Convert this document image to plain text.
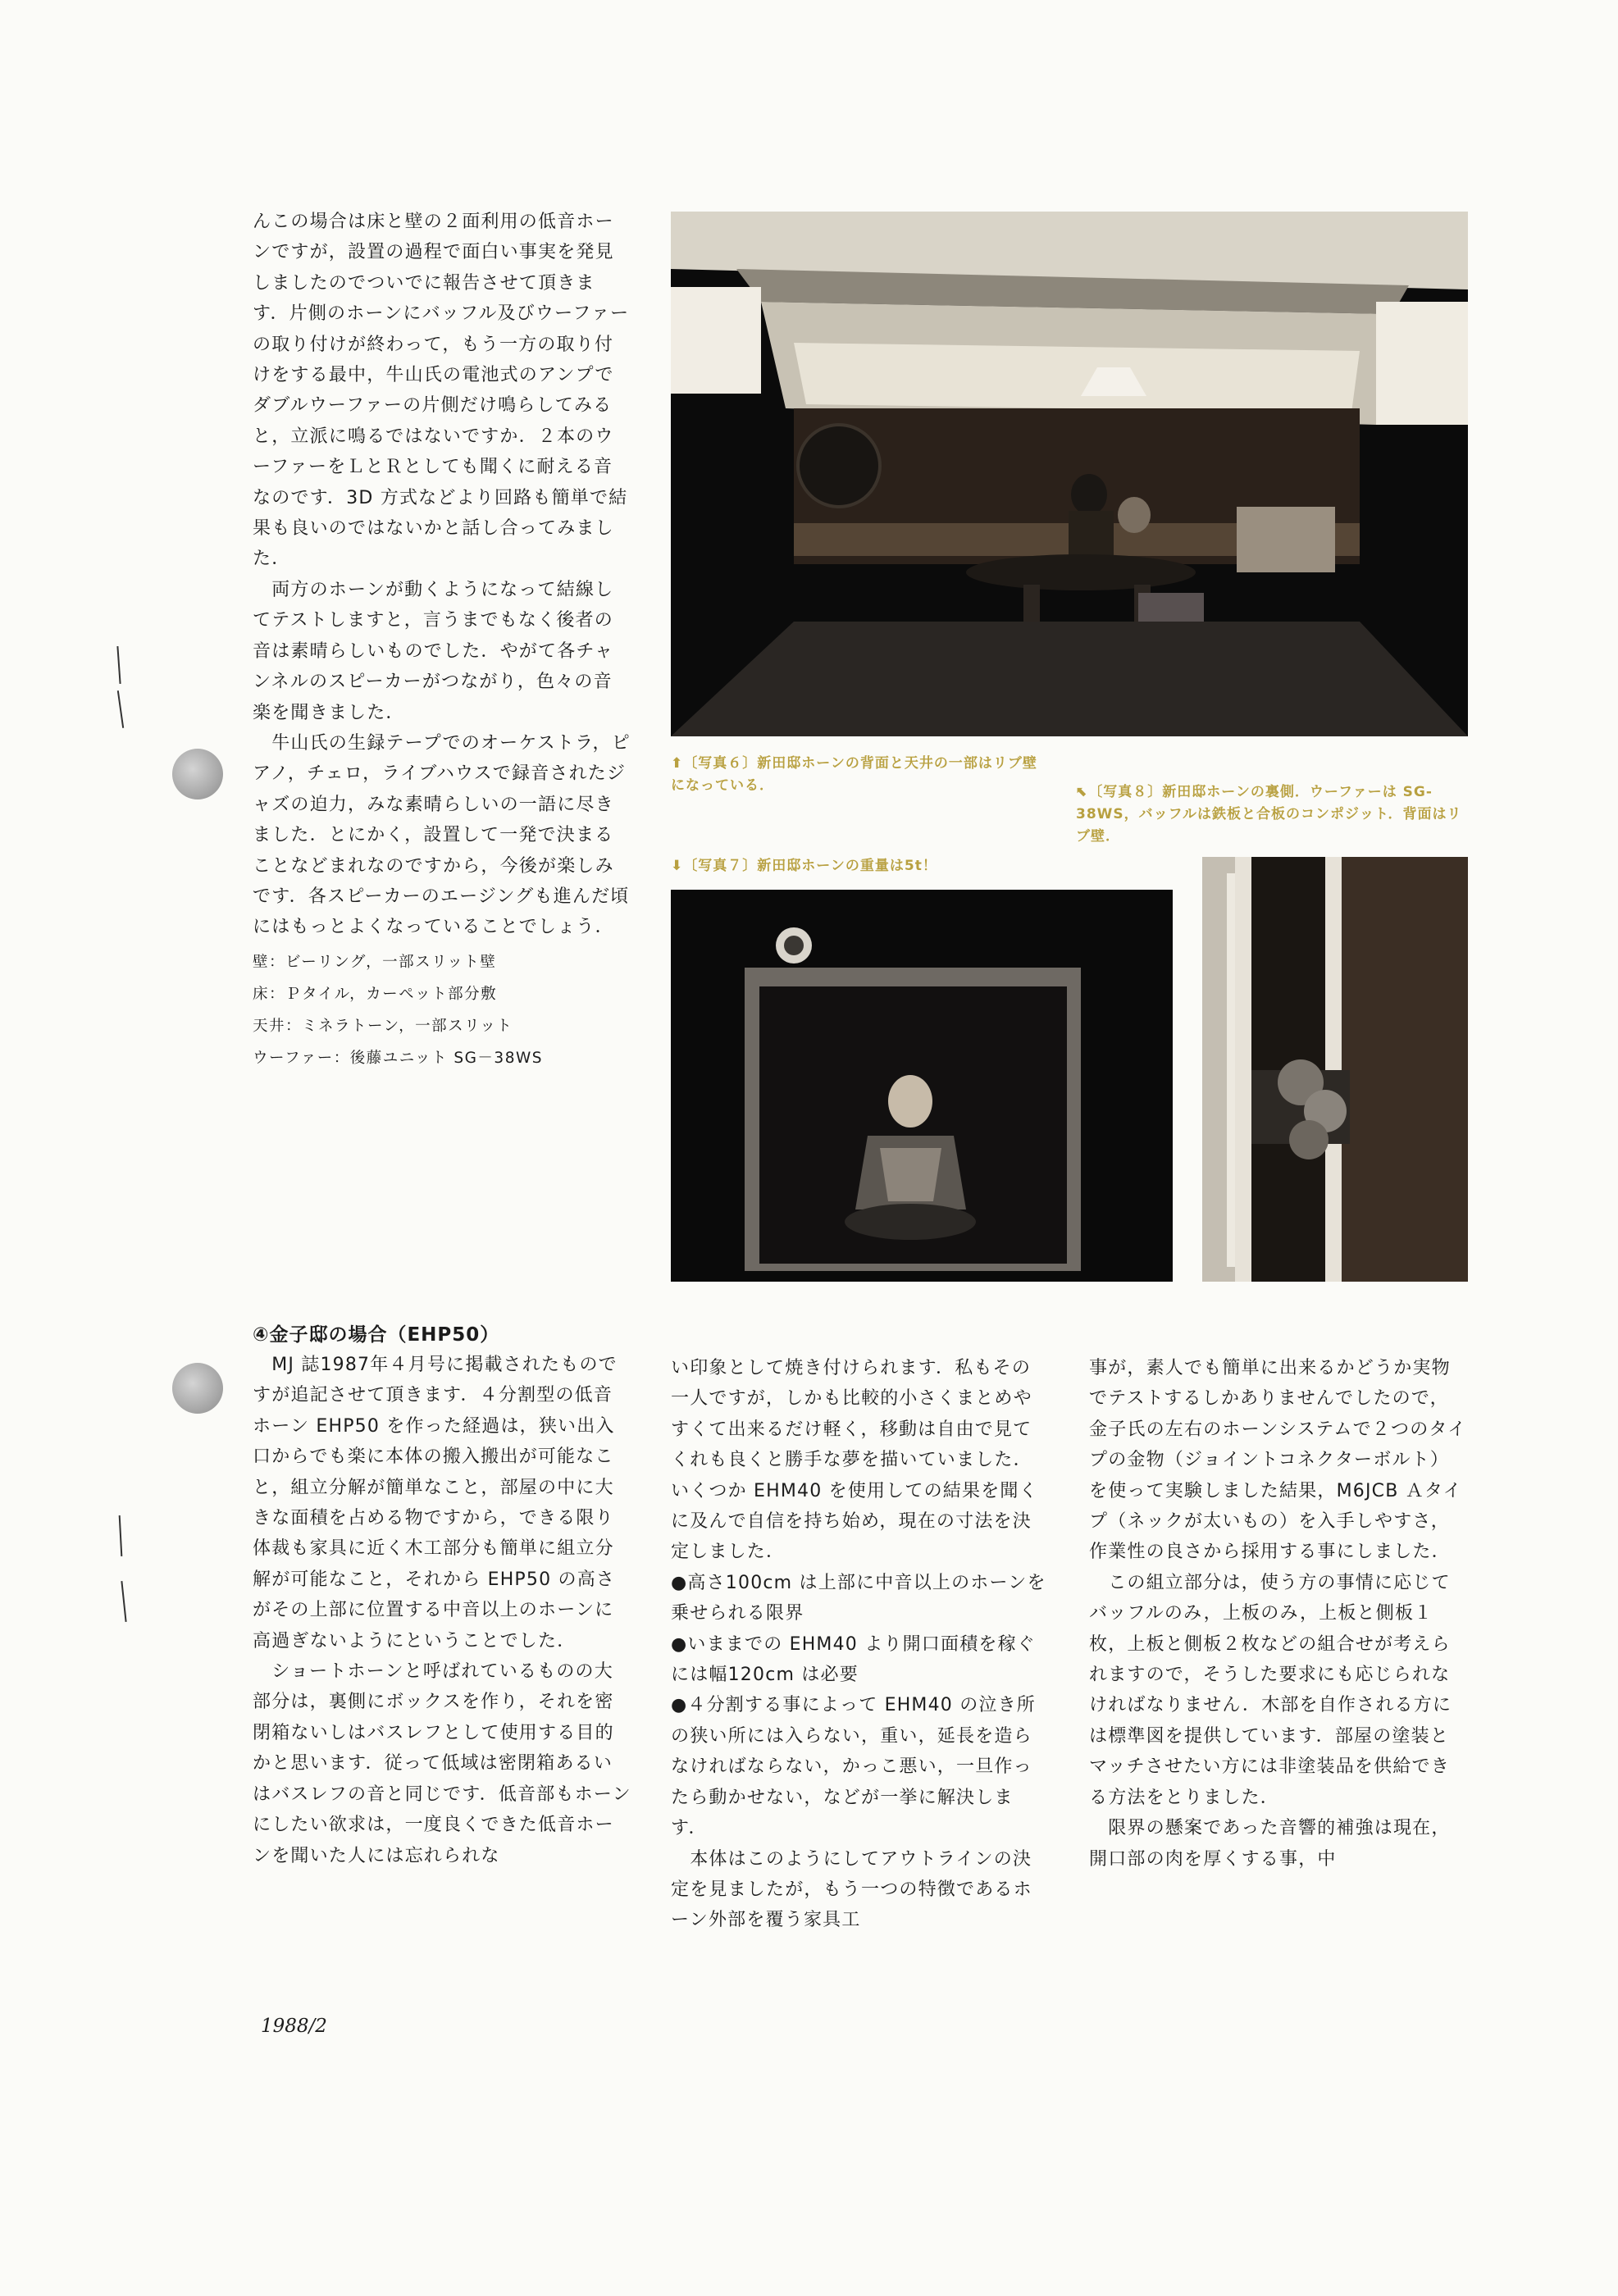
んこの場合は床と壁の２面利用の低音ホーンですが，設置の過程で面白い事実を発見しましたのでついでに報告させて頂きます．片側のホーンにバッフル及びウーファーの取り付けが終わって，もう一方の取り付けをする最中，牛山氏の電池式のアンプでダブルウーファーの片側だけ鳴らしてみると，立派に鳴るではないですか．２本のウーファーをＬとＲとしても聞くに耐える音なのです．3D 方式などより回路も簡単で結果も良いのではないかと話し合ってみました．

　両方のホーンが動くようになって結線してテストしますと，言うまでもなく後者の音は素晴らしいものでした．やがて各チャンネルのスピーカーがつながり，色々の音楽を聞きました．

　牛山氏の生録テープでのオーケストラ，ピアノ，チェロ，ライブハウスで録音されたジャズの迫力，みな素晴らしいの一語に尽きました．とにかく，設置して一発で決まることなどまれなのですから，今後が楽しみです．各スピーカーのエージングも進んだ頃にはもっとよくなっていることでしょう．

壁：ビーリング，一部スリット壁
床：Ｐタイル，カーペット部分敷
天井：ミネラトーン，一部スリット
ウーファー：後藤ユニット SG－38WS
⬆〔写真６〕新田邸ホーンの背面と天井の一部はリブ壁になっている．	⬉〔写真８〕新田邸ホーンの裏側．ウーファーは SG-38WS，バッフルは鉄板と合板のコンポジット．背面はリブ壁．
⬇〔写真７〕新田邸ホーンの重量は5t！

④金子邸の場合（EHP50）

　MJ 誌1987年４月号に掲載されたものですが追記させて頂きます．４分割型の低音ホーン EHP50 を作った経過は，狭い出入口からでも楽に本体の搬入搬出が可能なこと，組立分解が簡単なこと，部屋の中に大きな面積を占める物ですから，できる限り体裁も家具に近く木工部分も簡単に組立分解が可能なこと，それから EHP50 の高さがその上部に位置する中音以上のホーンに高過ぎないようにということでした．

　ショートホーンと呼ばれているものの大部分は，裏側にボックスを作り，それを密閉箱ないしはバスレフとして使用する目的かと思います．従って低域は密閉箱あるいはバスレフの音と同じです．低音部もホーンにしたい欲求は，一度良くできた低音ホーンを聞いた人には忘れられな

い印象として焼き付けられます．私もその一人ですが，しかも比較的小さくまとめやすくて出来るだけ軽く，移動は自由で見てくれも良くと勝手な夢を描いていました．いくつか EHM40 を使用しての結果を聞くに及んで自信を持ち始め，現在の寸法を決定しました．

●高さ100cm は上部に中音以上のホーンを乗せられる限界

●いままでの EHM40 より開口面積を稼ぐには幅120cm は必要

●４分割する事によって EHM40 の泣き所の狭い所には入らない，重い，延長を造らなければならない，かっこ悪い，一旦作ったら動かせない，などが一挙に解決します．

　本体はこのようにしてアウトラインの決定を見ましたが，もう一つの特徴であるホーン外部を覆う家具工

事が，素人でも簡単に出来るかどうか実物でテストするしかありませんでしたので，金子氏の左右のホーンシステムで２つのタイプの金物（ジョイントコネクターボルト）を使って実験しました結果，M6JCB Ａタイプ（ネックが太いもの）を入手しやすさ，作業性の良さから採用する事にしました．

　この組立部分は，使う方の事情に応じてバッフルのみ，上板のみ，上板と側板１枚，上板と側板２枚などの組合せが考えられますので，そうした要求にも応じられなければなりません．木部を自作される方には標準図を提供しています．部屋の塗装とマッチさせたい方には非塗装品を供給できる方法をとりました．

　限界の懸案であった音響的補強は現在，開口部の肉を厚くする事，中

1988/2
